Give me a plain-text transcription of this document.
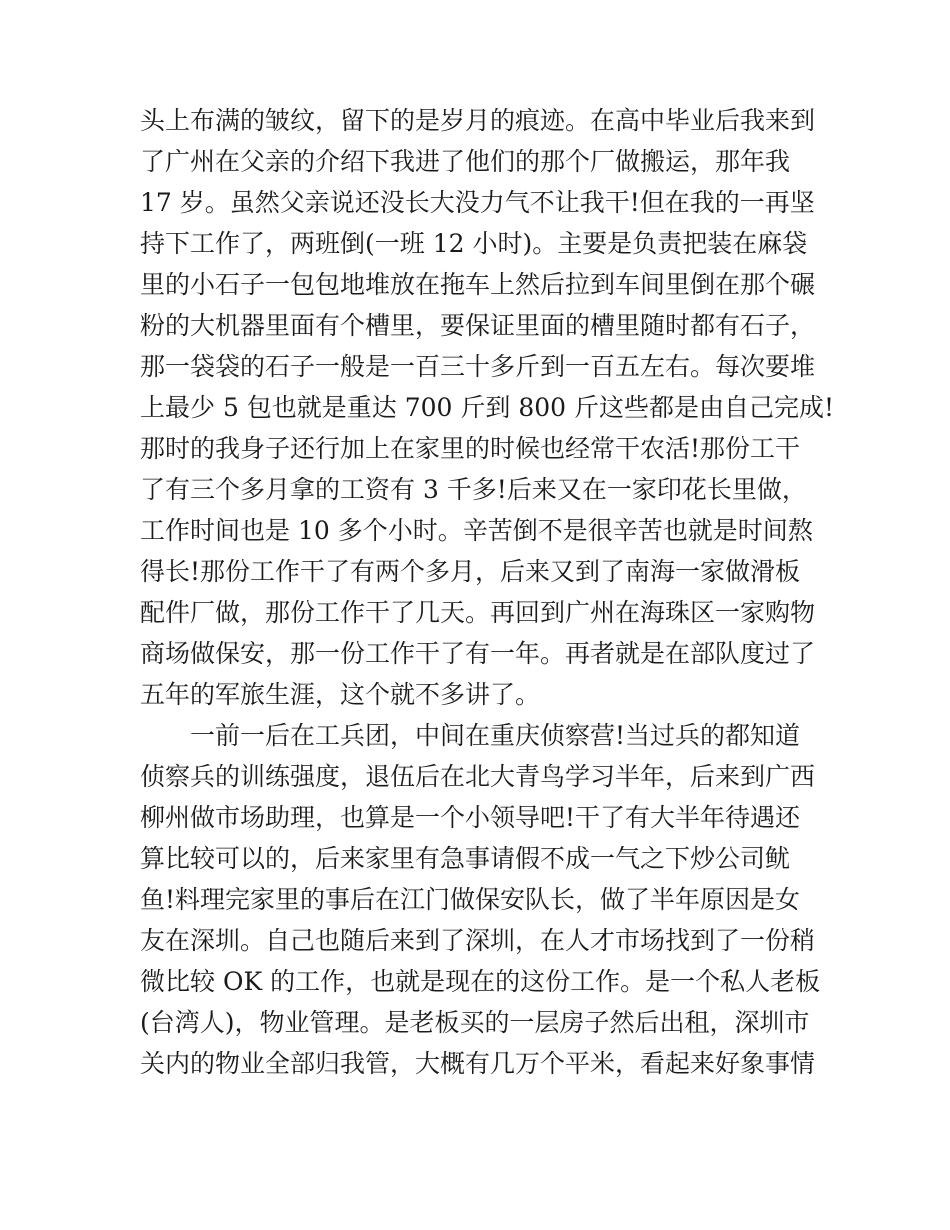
头上布满的皱纹，留下的是岁月的痕迹。在高中毕业后我来到
了广州在父亲的介绍下我进了他们的那个厂做搬运，那年我
17 岁。虽然父亲说还没长大没力气不让我干!但在我的一再坚
持下工作了，两班倒(一班 12 小时)。主要是负责把装在麻袋
里的小石子一包包地堆放在拖车上然后拉到车间里倒在那个碾
粉的大机器里面有个槽里，要保证里面的槽里随时都有石子，
那一袋袋的石子一般是一百三十多斤到一百五左右。每次要堆
上最少 5 包也就是重达 700 斤到 800 斤这些都是由自己完成!
那时的我身子还行加上在家里的时候也经常干农活!那份工干
了有三个多月拿的工资有 3 千多!后来又在一家印花长里做，
工作时间也是 10 多个小时。辛苦倒不是很辛苦也就是时间熬
得长!那份工作干了有两个多月，后来又到了南海一家做滑板
配件厂做，那份工作干了几天。再回到广州在海珠区一家购物
商场做保安，那一份工作干了有一年。再者就是在部队度过了
五年的军旅生涯，这个就不多讲了。
一前一后在工兵团，中间在重庆侦察营!当过兵的都知道
侦察兵的训练强度，退伍后在北大青鸟学习半年，后来到广西
柳州做市场助理，也算是一个小领导吧!干了有大半年待遇还
算比较可以的，后来家里有急事请假不成一气之下炒公司鱿
鱼!料理完家里的事后在江门做保安队长，做了半年原因是女
友在深圳。自己也随后来到了深圳，在人才市场找到了一份稍
微比较 OK 的工作，也就是现在的这份工作。是一个私人老板
(台湾人)，物业管理。是老板买的一层房子然后出租，深圳市
关内的物业全部归我管，大概有几万个平米，看起来好象事情
